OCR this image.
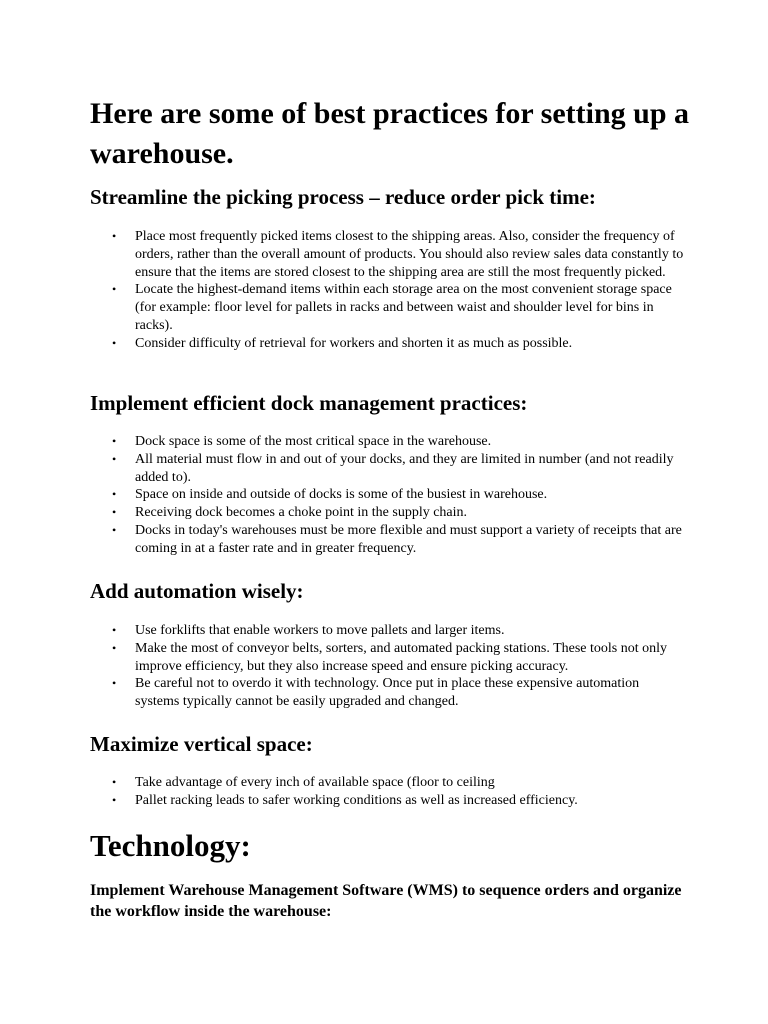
Here are some of best practices for setting up a warehouse.
Streamline the picking process – reduce order pick time:
• Place most frequently picked items closest to the shipping areas. Also, consider the frequency of orders, rather than the overall amount of products. You should also review sales data constantly to ensure that the items are stored closest to the shipping area are still the most frequently picked.
• Locate the highest-demand items within each storage area on the most convenient storage space (for example: floor level for pallets in racks and between waist and shoulder level for bins in racks).
• Consider difficulty of retrieval for workers and shorten it as much as possible.
Implement efficient dock management practices:
• Dock space is some of the most critical space in the warehouse.
• All material must flow in and out of your docks, and they are limited in number (and not readily added to).
• Space on inside and outside of docks is some of the busiest in warehouse.
• Receiving dock becomes a choke point in the supply chain.
• Docks in today's warehouses must be more flexible and must support a variety of receipts that are coming in at a faster rate and in greater frequency.
Add automation wisely:
• Use forklifts that enable workers to move pallets and larger items.
• Make the most of conveyor belts, sorters, and automated packing stations. These tools not only improve efficiency, but they also increase speed and ensure picking accuracy.
• Be careful not to overdo it with technology. Once put in place these expensive automation systems typically cannot be easily upgraded and changed.
Maximize vertical space:
• Take advantage of every inch of available space (floor to ceiling
• Pallet racking leads to safer working conditions as well as increased efficiency.
Technology:

Implement Warehouse Management Software (WMS) to sequence orders and organize the workflow inside the warehouse:
